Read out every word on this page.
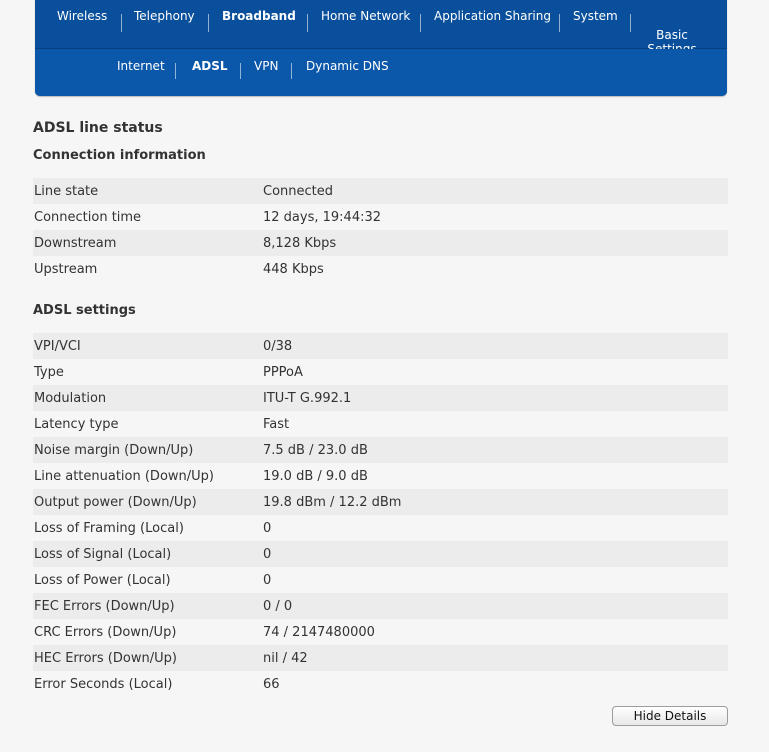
Wireless Telephony Broadband Home Network Application Sharing System
Basic
Internet ADSL VPN Dynamic DNS
ADSL line status
Connection information
Line state	Connected
Connection time	12 days, 19:44:32
Downstream	8,128 Kbps
Upstream	448 Kbps
ADSL settings
VPI/VCI	0/38
Type	PPPoA
Modulation	ITU-T G.992.1
Latency type	Fast
Noise margin (Down/Up)	7.5 dB / 23.0 dB
Line attenuation (Down/Up)	19.0 dB / 9.0 dB
Output power (Down/Up)	19.8 dBm / 12.2 dBm
Loss of Framing (Local)	0
Loss of Signal (Local)	0
Loss of Power (Local)	0
FEC Errors (Down/Up)	0 / 0
CRC Errors (Down/Up)	74 / 2147480000
HEC Errors (Down/Up)	nil / 42
Error Seconds (Local)	66
Hide Details
